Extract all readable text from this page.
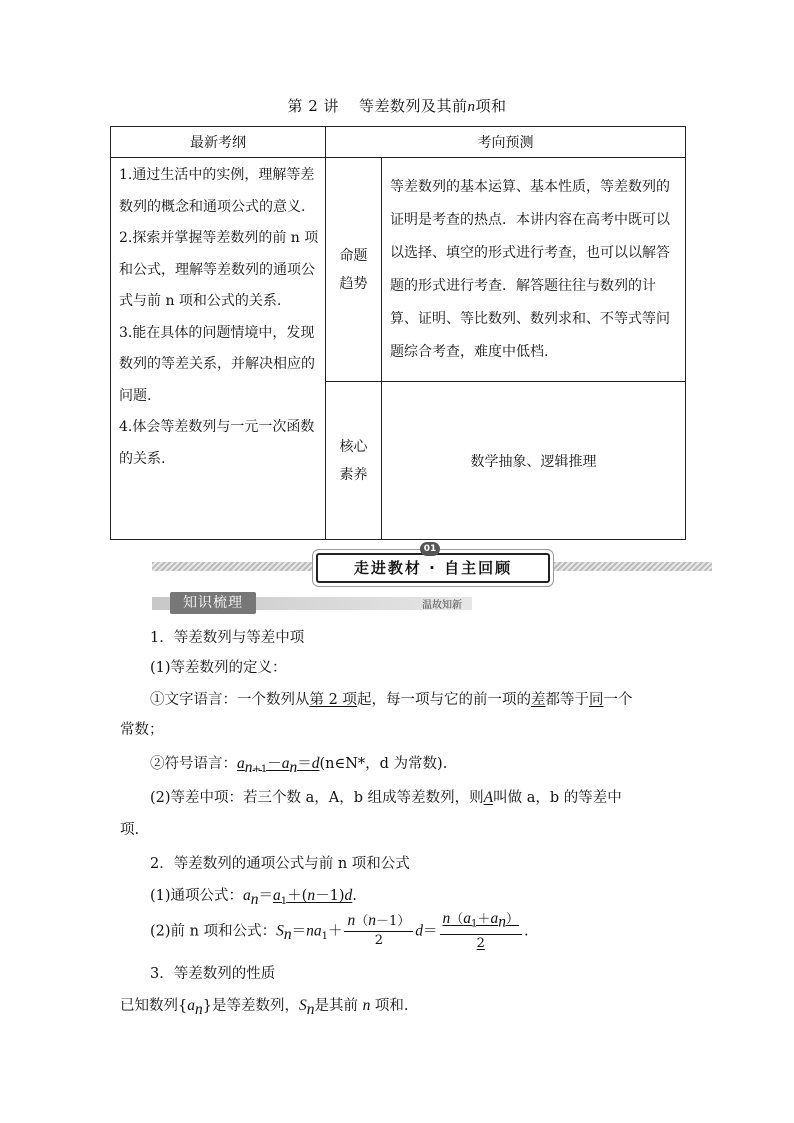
第 2 讲 等差数列及其前n项和
最新考纲	考向预测	

1.通过生活中的实例，理解等差数列的概念和通项公式的意义.

2.探索并掌握等差数列的前 n 项和公式，理解等差数列的通项公式与前 n 项和公式的关系.

3.能在具体的问题情境中，发现数列的等差关系，并解决相应的问题.

4.体会等差数列与一元一次函数的关系.	命题趋势	等差数列的基本运算、基本性质，等差数列的证明是考查的热点．本讲内容在高考中既可以以选择、填空的形式进行考查，也可以以解答题的形式进行考查．解答题往往与数列的计算、证明、等比数列、数列求和、不等式等问题综合考查，难度中低档.

	核心素养	数学抽象、逻辑推理
走进教材 · 自主回顾
01
知识梳理	温故知新
1．等差数列与等差中项
(1)等差数列的定义：
①文字语言：一个数列从第 2 项起，每一项与它的前一项的差都等于同一个
常数；
②符号语言：$a_{n+1}-a_n=d(n\in N*$，d 为常数).
(2)等差中项：若三个数 a，A，b 组成等差数列，则A叫做 a，b 的等差中
项.
2．等差数列的通项公式与前 n 项和公式
(1)通项公式：$a_n=a_1+(n-1)d$.
(2)前 n 项和公式：$S_n=na_1+ \frac{n(n-1)}{2} d= \frac{n(a_1+a_n)}{2}$ .
3．等差数列的性质
已知数列$\{a_n\}$是等差数列，$S_n$是其前 n 项和.
